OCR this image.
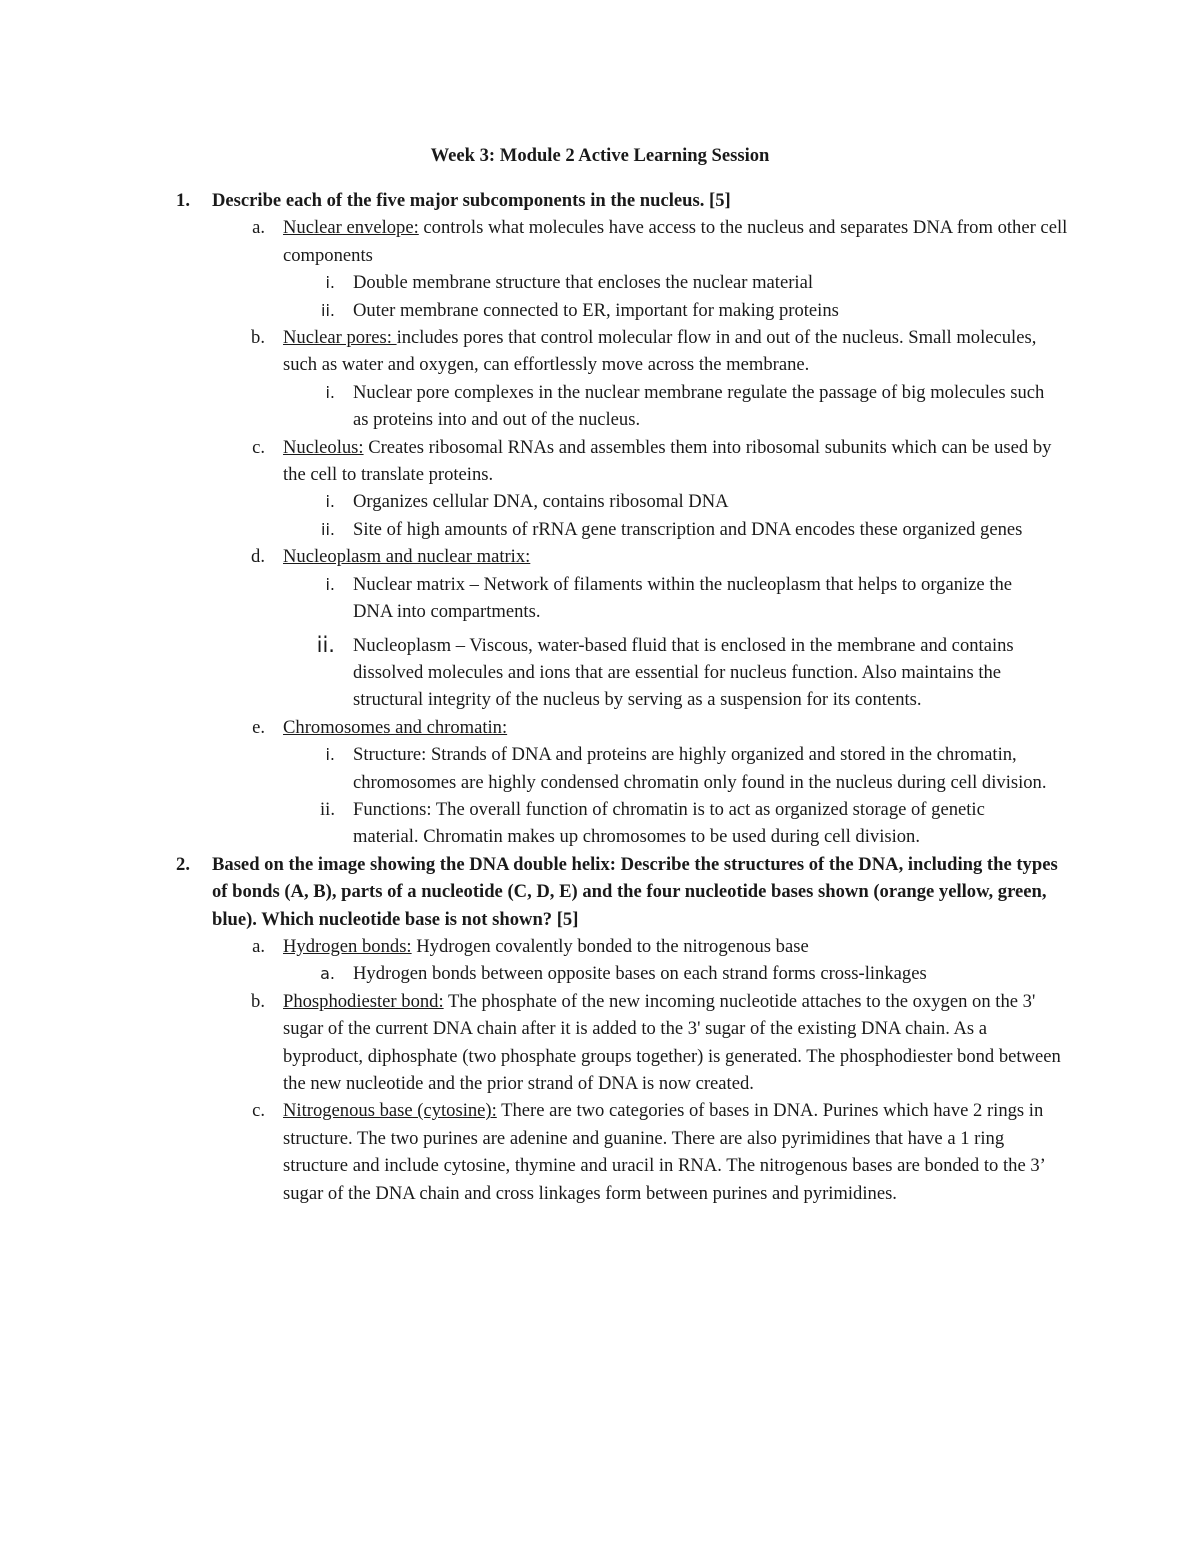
Week 3: Module 2 Active Learning Session
1. Describe each of the five major subcomponents in the nucleus. [5]
a. Nuclear envelope: controls what molecules have access to the nucleus and separates DNA from other cell components
i. Double membrane structure that encloses the nuclear material
ii. Outer membrane connected to ER, important for making proteins
b. Nuclear pores: includes pores that control molecular flow in and out of the nucleus. Small molecules, such as water and oxygen, can effortlessly move across the membrane.
i. Nuclear pore complexes in the nuclear membrane regulate the passage of big molecules such as proteins into and out of the nucleus.
c. Nucleolus: Creates ribosomal RNAs and assembles them into ribosomal subunits which can be used by the cell to translate proteins.
i. Organizes cellular DNA, contains ribosomal DNA
ii. Site of high amounts of rRNA gene transcription and DNA encodes these organized genes
d. Nucleoplasm and nuclear matrix:
i. Nuclear matrix – Network of filaments within the nucleoplasm that helps to organize the DNA into compartments.
ii. Nucleoplasm – Viscous, water-based fluid that is enclosed in the membrane and contains dissolved molecules and ions that are essential for nucleus function. Also maintains the structural integrity of the nucleus by serving as a suspension for its contents.
e. Chromosomes and chromatin:
i. Structure: Strands of DNA and proteins are highly organized and stored in the chromatin, chromosomes are highly condensed chromatin only found in the nucleus during cell division.
ii. Functions: The overall function of chromatin is to act as organized storage of genetic material. Chromatin makes up chromosomes to be used during cell division.
2. Based on the image showing the DNA double helix: Describe the structures of the DNA, including the types of bonds (A, B), parts of a nucleotide (C, D, E) and the four nucleotide bases shown (orange yellow, green, blue). Which nucleotide base is not shown? [5]
a. Hydrogen bonds: Hydrogen covalently bonded to the nitrogenous base
a. Hydrogen bonds between opposite bases on each strand forms cross-linkages
b. Phosphodiester bond: The phosphate of the new incoming nucleotide attaches to the oxygen on the 3' sugar of the current DNA chain after it is added to the 3' sugar of the existing DNA chain. As a byproduct, diphosphate (two phosphate groups together) is generated. The phosphodiester bond between the new nucleotide and the prior strand of DNA is now created.
c. Nitrogenous base (cytosine): There are two categories of bases in DNA. Purines which have 2 rings in structure. The two purines are adenine and guanine. There are also pyrimidines that have a 1 ring structure and include cytosine, thymine and uracil in RNA. The nitrogenous bases are bonded to the 3’ sugar of the DNA chain and cross linkages form between purines and pyrimidines.
